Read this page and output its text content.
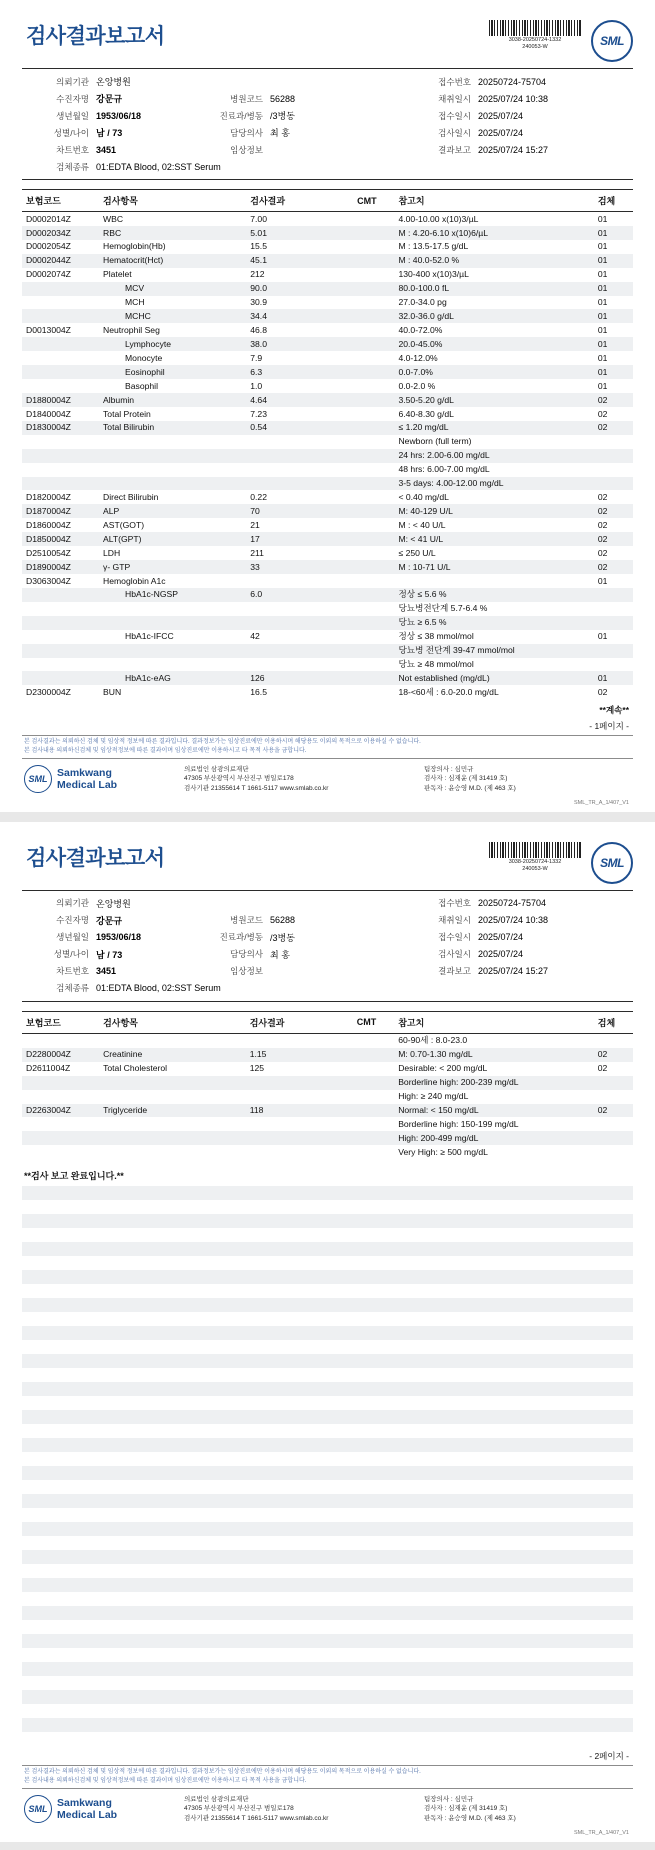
검사결과보고서	3038-20250724-1332
240053-W	SML
의뢰기관 온앙병원	접수번호 20250724-75704
수진자명 강문규	병원코드 56288	채취일시 2025/07/24 10:38
생년월일 1953/06/18	진료과/병동 /3병동	접수일시 2025/07/24
성별/나이 남 / 73	담당의사 최 홍	검사일시 2025/07/24
차트번호 3451	임상정보	결과보고 2025/07/24 15:27
검체종류 01:EDTA Blood, 02:SST Serum
보험코드	검사항목	검사결과	CMT	참고치	검체
D0002014Z	WBC	7.00		4.00-10.00 x(10)3/µL	01
D0002034Z	RBC	5.01		M : 4.20-6.10 x(10)6/µL	01
D0002054Z	Hemoglobin(Hb)	15.5		M : 13.5-17.5 g/dL	01
D0002044Z	Hematocrit(Hct)	45.1		M : 40.0-52.0 %	01
D0002074Z	Platelet	212		130-400 x(10)3/µL	01
	MCV	90.0		80.0-100.0 fL	01
	MCH	30.9		27.0-34.0 pg	01
	MCHC	34.4		32.0-36.0 g/dL	01
D0013004Z	Neutrophil Seg	46.8		40.0-72.0%	01
	Lymphocyte	38.0		20.0-45.0%	01
	Monocyte	7.9		4.0-12.0%	01
	Eosinophil	6.3		0.0-7.0%	01
	Basophil	1.0		0.0-2.0 %	01
D1880004Z	Albumin	4.64		3.50-5.20 g/dL	02
D1840004Z	Total Protein	7.23		6.40-8.30 g/dL	02
D1830004Z	Total Bilirubin	0.54		≤ 1.20 mg/dL	02
				Newborn (full term)	
				24 hrs: 2.00-6.00 mg/dL	
				48 hrs: 6.00-7.00 mg/dL	
				3-5 days: 4.00-12.00 mg/dL	
D1820004Z	Direct Bilirubin	0.22		< 0.40 mg/dL	02
D1870004Z	ALP	70		M: 40-129 U/L	02
D1860004Z	AST(GOT)	21		M : < 40 U/L	02
D1850004Z	ALT(GPT)	17		M: < 41 U/L	02
D2510054Z	LDH	211		≤ 250 U/L	02
D1890004Z	γ- GTP	33		M : 10-71 U/L	02
D3063004Z	Hemoglobin A1c				01
	HbA1c-NGSP	6.0		정상 ≤ 5.6 %	
				당뇨병전단계 5.7-6.4 %	
				당뇨 ≥ 6.5 %	
	HbA1c-IFCC	42		정상 ≤ 38 mmol/mol	01
				당뇨병 전단계 39-47 mmol/mol	
				당뇨 ≥ 48 mmol/mol	
	HbA1c-eAG	126		Not established (mg/dL)	01
D2300004Z	BUN	16.5		18-<60세 : 6.0-20.0 mg/dL	02
**계속**
- 1페이지 -
본 검사결과는 의뢰하신 검체 및 임상적 정보에 따른 결과입니다. 결과정보가는 임상진료에만 이용하시며 해당용도 이외의 목적으로 이용하실 수 없습니다.
본 검사내용 의뢰하신검체 및 임상적정보에 따른 결과이며 임상진료에만 이용하시고 타 목적 사용을 금합니다.
SML
Samkwang
Medical Lab
의료법인 삼광의료재단
47305 부산광역시 부산진구 범일로178
검사기관 21355614 T 1661-5117 www.smlab.co.kr
팀장의사 : 심민규
검사자 : 심재윤 (제 31419 호)
판독자 : 윤승영 M.D. (제 463 호)
SML_TR_A_1/407_V1
검사결과보고서	3038-20250724-1332
240053-W	SML
의뢰기관 온앙병원	접수번호 20250724-75704
수진자명 강문규	병원코드 56288	채취일시 2025/07/24 10:38
생년월일 1953/06/18	진료과/병동 /3병동	접수일시 2025/07/24
성별/나이 남 / 73	담당의사 최 홍	검사일시 2025/07/24
차트번호 3451	임상정보	결과보고 2025/07/24 15:27
검체종류 01:EDTA Blood, 02:SST Serum
보험코드	검사항목	검사결과	CMT	참고치	검체
				60-90세 : 8.0-23.0	
D2280004Z	Creatinine	1.15		M: 0.70-1.30 mg/dL	02
D2611004Z	Total Cholesterol	125		Desirable: < 200 mg/dL	02
				Borderline high: 200-239 mg/dL	
				High: ≥ 240 mg/dL	
D2263004Z	Triglyceride	118		Normal: < 150 mg/dL	02
				Borderline high: 150-199 mg/dL	
				High: 200-499 mg/dL	
				Very High: ≥ 500 mg/dL	
**검사 보고 완료입니다.**
- 2페이지 -
본 검사결과는 의뢰하신 검체 및 임상적 정보에 따른 결과입니다. 결과정보가는 임상진료에만 이용하시며 해당용도 이외의 목적으로 이용하실 수 없습니다.
본 검사내용 의뢰하신검체 및 임상적정보에 따른 결과이며 임상진료에만 이용하시고 타 목적 사용을 금합니다.
SML
Samkwang
Medical Lab
의료법인 삼광의료재단
47305 부산광역시 부산진구 범일로178
검사기관 21355614 T 1661-5117 www.smlab.co.kr
팀장의사 : 심민규
검사자 : 심재윤 (제 31419 호)
판독자 : 윤승영 M.D. (제 463 호)
SML_TR_A_1/407_V1
